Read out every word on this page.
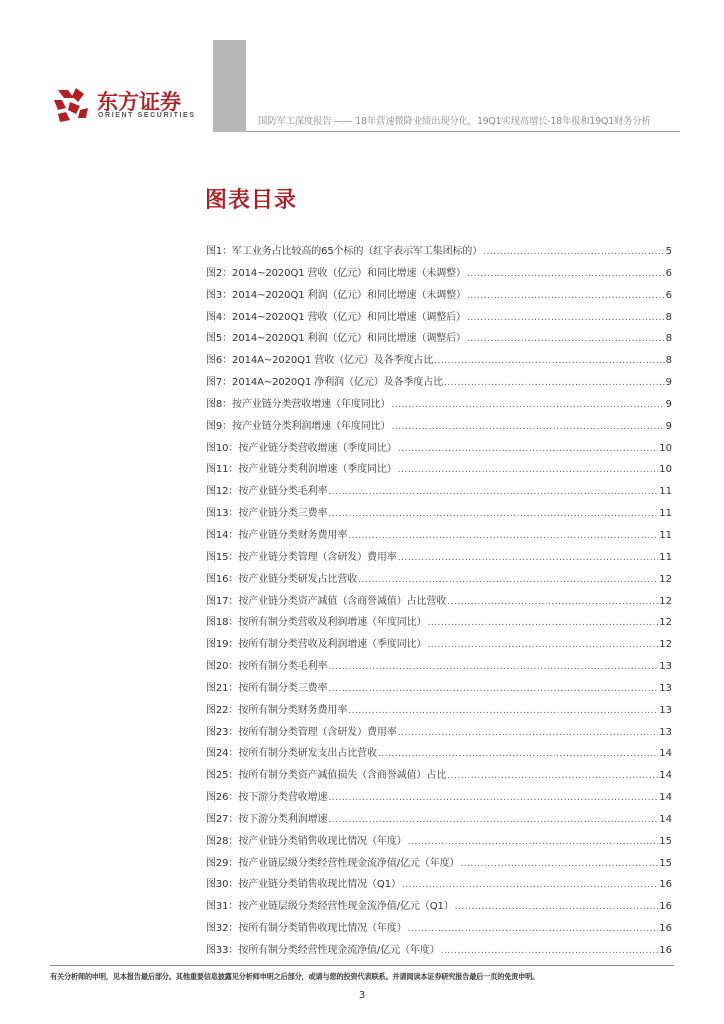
东方证券
ORIENT SECURITIES
国防军工深度报告 —— 18年营速微降业绩出现分化，19Q1实现高增长-18年报和19Q1财务分析
图表目录
图1：军工业务占比较高的65个标的（红字表示军工集团标的） .....	5
图2：2014~2020Q1 营收（亿元）和同比增速（未调整） .....	6
图3：2014~2020Q1 利润（亿元）和同比增速（未调整） .....	6
图4：2014~2020Q1 营收（亿元）和同比增速（调整后） .....	8
图5：2014~2020Q1 利润（亿元）和同比增速（调整后） .....	8
图6：2014A~2020Q1 营收（亿元）及各季度占比 .....	8
图7：2014A~2020Q1 净利润（亿元）及各季度占比 .....	9
图8：按产业链分类营收增速（年度同比） .....	9
图9：按产业链分类利润增速（年度同比） .....	9
图10：按产业链分类营收增速（季度同比） .....	10
图11：按产业链分类利润增速（季度同比） .....	10
图12：按产业链分类毛利率 .....	11
图13：按产业链分类三费率 .....	11
图14：按产业链分类财务费用率 .....	11
图15：按产业链分类管理（含研发）费用率 .....	11
图16：按产业链分类研发占比营收 .....	12
图17：按产业链分类资产减值（含商誉减值）占比营收 .....	12
图18：按所有制分类营收及利润增速（年度同比） .....	12
图19：按所有制分类营收及利润增速（季度同比） .....	12
图20：按所有制分类毛利率 .....	13
图21：按所有制分类三费率 .....	13
图22：按所有制分类财务费用率 .....	13
图23：按所有制分类管理（含研发）费用率 .....	13
图24：按所有制分类研发支出占比营收 .....	14
图25：按所有制分类资产减值损失（含商誉减值）占比 .....	14
图26：按下游分类营收增速 .....	14
图27：按下游分类利润增速 .....	14
图28：按产业链分类销售收现比情况（年度） .....	15
图29：按产业链层级分类经营性现金流净值/亿元（年度） .....	15
图30：按产业链分类销售收现比情况（Q1） .....	16
图31：按产业链层级分类经营性现金流净值/亿元（Q1） .....	16
图32：按所有制分类销售收现比情况（年度） .....	16
图33：按所有制分类经营性现金流净值/亿元（年度） .....	16
有关分析师的申明，见本报告最后部分。其他重要信息披露见分析师申明之后部分，或请与您的投资代表联系。并请阅读本证券研究报告最后一页的免责申明。
3
